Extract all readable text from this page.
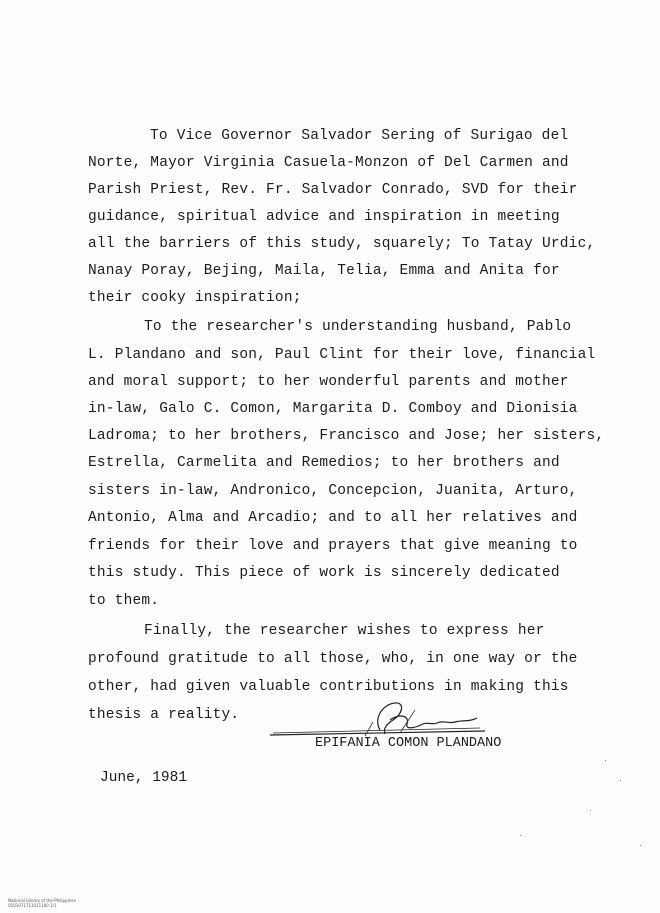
To Vice Governor Salvador Sering of Surigao del
Norte, Mayor Virginia Casuela-Monzon of Del Carmen and
Parish Priest, Rev. Fr. Salvador Conrado, SVD for their
guidance, spiritual advice and inspiration in meeting
all the barriers of this study, squarely; To Tatay Urdic,
Nanay Poray, Bejing, Maila, Telia, Emma and Anita for
their cooky inspiration;
To the researcher's understanding husband, Pablo
L. Plandano and son, Paul Clint for their love, financial
and moral support; to her wonderful parents and mother
in-law, Galo C. Comon, Margarita D. Comboy and Dionisia
Ladroma; to her brothers, Francisco and Jose; her sisters,
Estrella, Carmelita and Remedios; to her brothers and
sisters in-law, Andronico, Concepcion, Juanita, Arturo,
Antonio, Alma and Arcadio; and to all her relatives and
friends for their love and prayers that give meaning to
this study. This piece of work is sincerely dedicated
to them.
Finally, the researcher wishes to express her
profound gratitude to all those, who, in one way or the
other, had given valuable contributions in making this
thesis a reality.
EPIFANIA COMON PLANDANO
June, 1981

National Library of the Philippines
0101071711011100 1/1
